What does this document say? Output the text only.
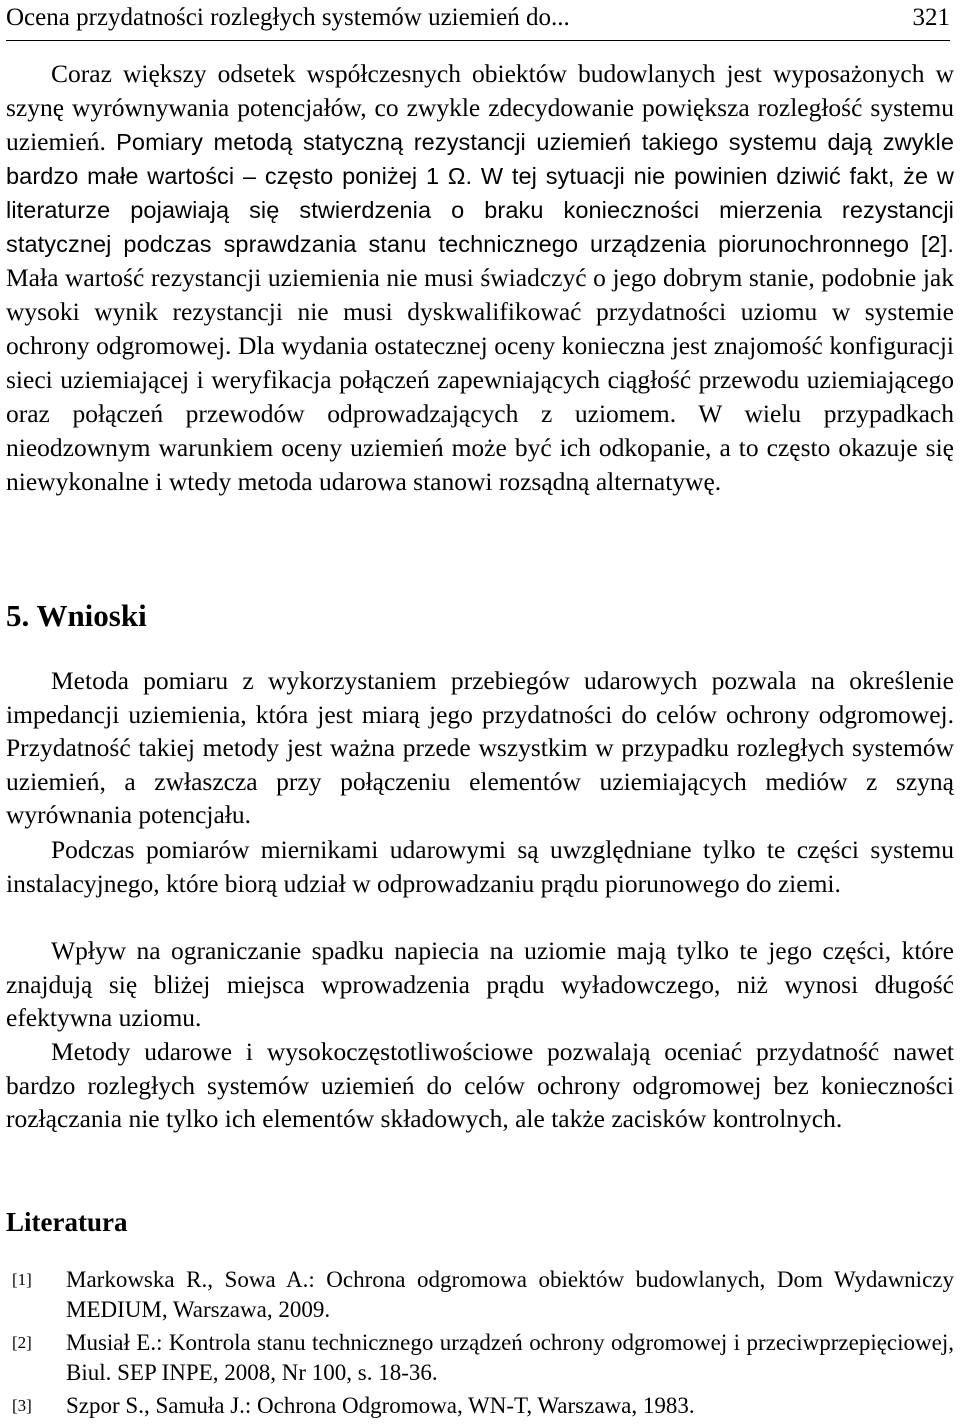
Ocena przydatności rozległych systemów uziemień do...	321

Coraz większy odsetek współczesnych obiektów budowlanych jest wyposażonych w szynę wyrównywania potencjałów, co zwykle zdecydowanie powiększa rozległość systemu uziemień. Pomiary metodą statyczną rezystancji uziemień takiego systemu dają zwykle bardzo małe wartości – często poniżej 1 Ω. W tej sytuacji nie powinien dziwić fakt, że w literaturze pojawiają się stwierdzenia o braku konieczności mierzenia rezystancji statycznej podczas sprawdzania stanu technicznego urządzenia piorunochronnego [2]. Mała wartość rezystancji uziemienia nie musi świadczyć o jego dobrym stanie, podobnie jak wysoki wynik rezystancji nie musi dyskwalifikować przydatności uziomu w systemie ochrony odgromowej. Dla wydania ostatecznej oceny konieczna jest znajomość konfiguracji sieci uziemiającej i weryfikacja połączeń zapewniających ciągłość przewodu uziemiającego oraz połączeń przewodów odprowadzających z uziomem. W wielu przypadkach nieodzownym warunkiem oceny uziemień może być ich odkopanie, a to często okazuje się niewykonalne i wtedy metoda udarowa stanowi rozsądną alternatywę.

5. Wnioski

Metoda pomiaru z wykorzystaniem przebiegów udarowych pozwala na określenie impedancji uziemienia, która jest miarą jego przydatności do celów ochrony odgromowej. Przydatność takiej metody jest ważna przede wszystkim w przypadku rozległych systemów uziemień, a zwłaszcza przy połączeniu elementów uziemiających mediów z szyną wyrównania potencjału.

Podczas pomiarów miernikami udarowymi są uwzględniane tylko te części systemu instalacyjnego, które biorą udział w odprowadzaniu prądu piorunowego do ziemi.

Wpływ na ograniczanie spadku napiecia na uziomie mają tylko te jego części, które znajdują się bliżej miejsca wprowadzenia prądu wyładowczego, niż wynosi długość efektywna uziomu.

Metody udarowe i wysokoczęstotliwościowe pozwalają oceniać przydatność nawet bardzo rozległych systemów uziemień do celów ochrony odgromowej bez konieczności rozłączania nie tylko ich elementów składowych, ale także zacisków kontrolnych.

Literatura
[1] Markowska R., Sowa A.: Ochrona odgromowa obiektów budowlanych, Dom Wydawniczy MEDIUM, Warszawa, 2009.
[2] Musiał E.: Kontrola stanu technicznego urządzeń ochrony odgromowej i przeciwprzepięciowej, Biul. SEP INPE, 2008, Nr 100, s. 18-36.
[3] Szpor S., Samuła J.: Ochrona Odgromowa, WN-T, Warszawa, 1983.
